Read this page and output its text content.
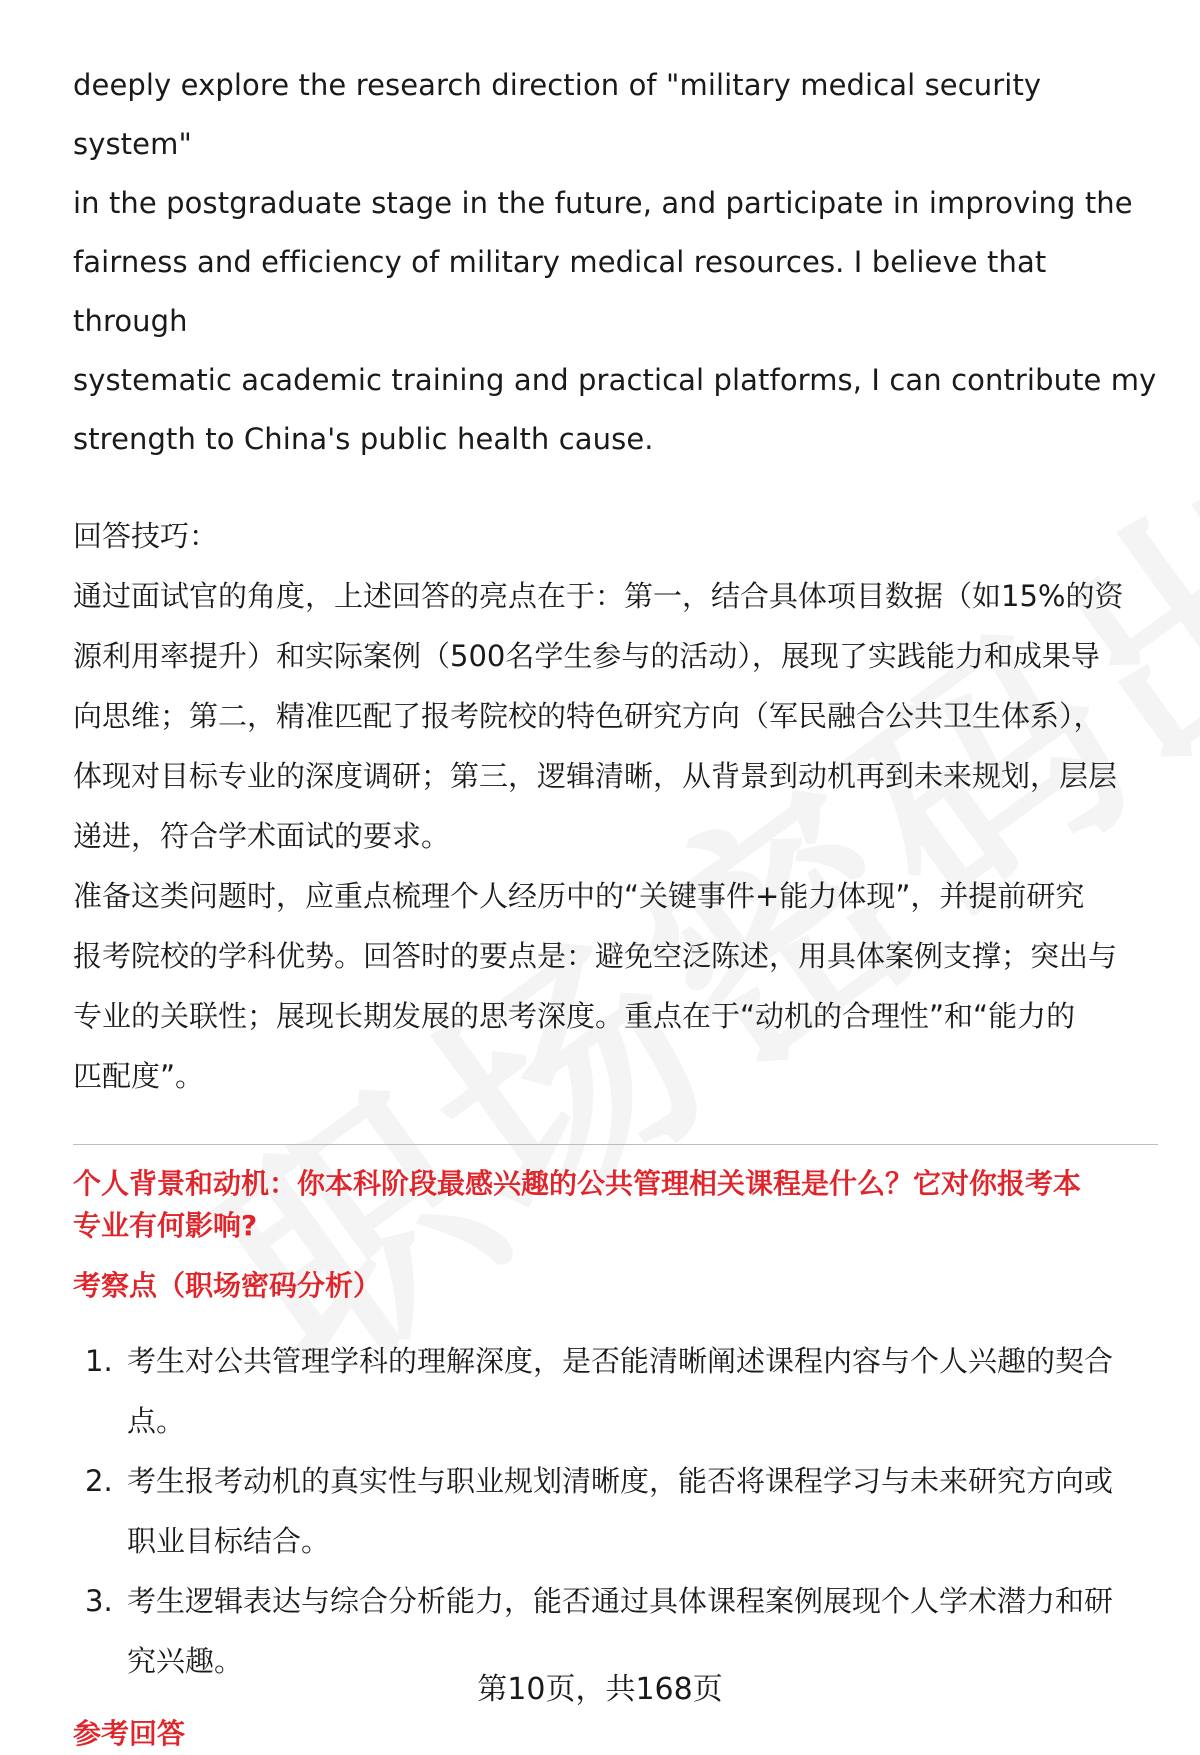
deeply explore the research direction of "military medical security system"

in the postgraduate stage in the future, and participate in improving the

fairness and efficiency of military medical resources. I believe that through

systematic academic training and practical platforms, I can contribute my

strength to China's public health cause.

回答技巧：

通过面试官的角度，上述回答的亮点在于：第一，结合具体项目数据（如15%的资

源利用率提升）和实际案例（500名学生参与的活动），展现了实践能力和成果导

向思维；第二，精准匹配了报考院校的特色研究方向（军民融合公共卫生体系），

体现对目标专业的深度调研；第三，逻辑清晰，从背景到动机再到未来规划，层层

递进，符合学术面试的要求。

准备这类问题时，应重点梳理个人经历中的“关键事件+能力体现”，并提前研究

报考院校的学科优势。回答时的要点是：避免空泛陈述，用具体案例支撑；突出与

专业的关联性；展现长期发展的思考深度。重点在于“动机的合理性”和“能力的

匹配度”。

个人背景和动机：你本科阶段最感兴趣的公共管理相关课程是什么？它对你报考本

专业有何影响?

考察点（职场密码分析）

1. 考生对公共管理学科的理解深度，是否能清晰阐述课程内容与个人兴趣的契合
点。
2. 考生报考动机的真实性与职业规划清晰度，能否将课程学习与未来研究方向或
职业目标结合。
3. 考生逻辑表达与综合分析能力，能否通过具体课程案例展现个人学术潜力和研
究兴趣。

参考回答

第10页，共168页
